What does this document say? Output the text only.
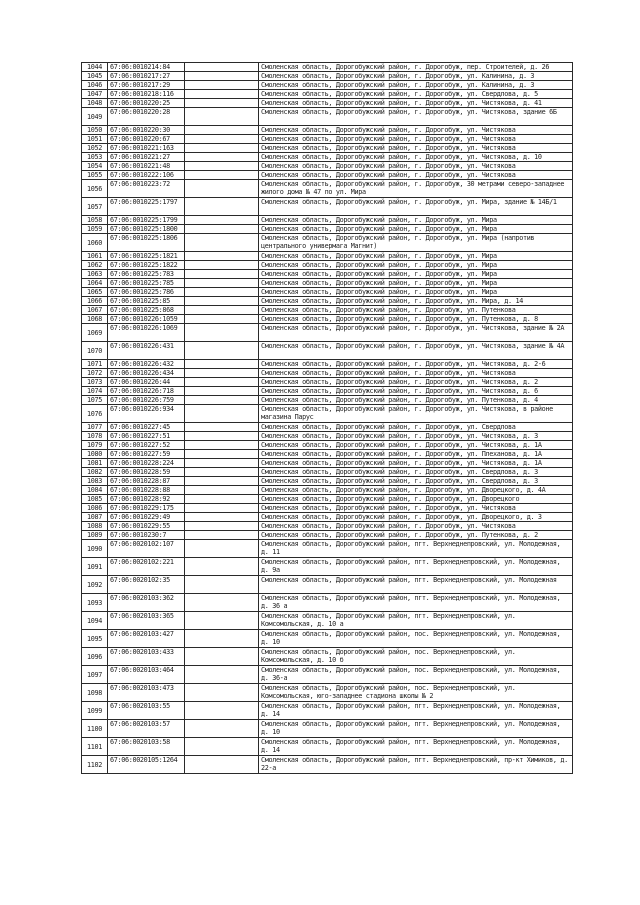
1044	67:06:0010214:84		Смоленская область, Дорогобужский район, г. Дорогобуж, пер. Строителей, д. 26
1045	67:06:0010217:27		Смоленская область, Дорогобужский район, г. Дорогобуж, ул. Калинина, д. 3
1046	67:06:0010217:29		Смоленская область, Дорогобужский район, г. Дорогобуж, ул. Калинина, д. 3
1047	67:06:0010218:116		Смоленская область, Дорогобужский район, г. Дорогобуж, ул. Свердлова, д. 5
1048	67:06:0010220:25		Смоленская область, Дорогобужский район, г. Дорогобуж, ул. Чистякова, д. 41
1049	67:06:0010220:28		Смоленская область, Дорогобужский район, г. Дорогобуж, ул. Чистякова, здание 6Б
1050	67:06:0010220:30		Смоленская область, Дорогобужский район, г. Дорогобуж, ул. Чистякова
1051	67:06:0010220:67		Смоленская область, Дорогобужский район, г. Дорогобуж, ул. Чистякова
1052	67:06:0010221:163		Смоленская область, Дорогобужский район, г. Дорогобуж, ул. Чистякова
1053	67:06:0010221:27		Смоленская область, Дорогобужский район, г. Дорогобуж, ул. Чистякова, д. 10
1054	67:06:0010221:48		Смоленская область, Дорогобужский район, г. Дорогобуж, ул. Чистякова
1055	67:06:0010222:106		Смоленская область, Дорогобужский район, г. Дорогобуж, ул. Чистякова
1056	67:06:0010223:72		Смоленская область, Дорогобужский район, г. Дорогобуж, 30 метрами северо-западнее жилого дома № 47 по ул. Мира
1057	67:06:0010225:1797		Смоленская область, Дорогобужский район, г. Дорогобуж, ул. Мира, здание № 14Б/1
1058	67:06:0010225:1799		Смоленская область, Дорогобужский район, г. Дорогобуж, ул. Мира
1059	67:06:0010225:1800		Смоленская область, Дорогобужский район, г. Дорогобуж, ул. Мира
1060	67:06:0010225:1806		Смоленская область, Дорогобужский район, г. Дорогобуж, ул. Мира (напротив центрального универмага Магнит)
1061	67:06:0010225:1821		Смоленская область, Дорогобужский район, г. Дорогобуж, ул. Мира
1062	67:06:0010225:1822		Смоленская область, Дорогобужский район, г. Дорогобуж, ул. Мира
1063	67:06:0010225:783		Смоленская область, Дорогобужский район, г. Дорогобуж, ул. Мира
1064	67:06:0010225:785		Смоленская область, Дорогобужский район, г. Дорогобуж, ул. Мира
1065	67:06:0010225:786		Смоленская область, Дорогобужский район, г. Дорогобуж, ул. Мира
1066	67:06:0010225:85		Смоленская область, Дорогобужский район, г. Дорогобуж, ул. Мира, д. 14
1067	67:06:0010225:868		Смоленская область, Дорогобужский район, г. Дорогобуж, ул. Путенкова
1068	67:06:0010226:1059		Смоленская область, Дорогобужский район, г. Дорогобуж, ул. Путенкова, д. 8
1069	67:06:0010226:1069		Смоленская область, Дорогобужский район, г. Дорогобуж, ул. Чистякова, здание № 2А
1070	67:06:0010226:431		Смоленская область, Дорогобужский район, г. Дорогобуж, ул. Чистякова, здание № 4А
1071	67:06:0010226:432		Смоленская область, Дорогобужский район, г. Дорогобуж, ул. Чистякова, д. 2-6
1072	67:06:0010226:434		Смоленская область, Дорогобужский район, г. Дорогобуж, ул. Чистякова
1073	67:06:0010226:44		Смоленская область, Дорогобужский район, г. Дорогобуж, ул. Чистякова, д. 2
1074	67:06:0010226:718		Смоленская область, Дорогобужский район, г. Дорогобуж, ул. Чистякова, д. 6
1075	67:06:0010226:759		Смоленская область, Дорогобужский район, г. Дорогобуж, ул. Путенкова, д. 4
1076	67:06:0010226:934		Смоленская область, Дорогобужский район, г. Дорогобуж, ул. Чистякова, в районе магазина Парус
1077	67:06:0010227:45		Смоленская область, Дорогобужский район, г. Дорогобуж, ул. Свердлова
1078	67:06:0010227:51		Смоленская область, Дорогобужский район, г. Дорогобуж, ул. Чистякова, д. 3
1079	67:06:0010227:52		Смоленская область, Дорогобужский район, г. Дорогобуж, ул. Чистякова, д. 1А
1080	67:06:0010227:59		Смоленская область, Дорогобужский район, г. Дорогобуж, ул. Плеханова, д. 1А
1081	67:06:0010228:224		Смоленская область, Дорогобужский район, г. Дорогобуж, ул. Чистякова, д. 1А
1082	67:06:0010228:59		Смоленская область, Дорогобужский район, г. Дорогобуж, ул. Свердлова, д. 3
1083	67:06:0010228:87		Смоленская область, Дорогобужский район, г. Дорогобуж, ул. Свердлова, д. 3
1084	67:06:0010228:88		Смоленская область, Дорогобужский район, г. Дорогобуж, ул. Дворецкого, д. 4А
1085	67:06:0010228:92		Смоленская область, Дорогобужский район, г. Дорогобуж, ул. Дворецкого
1086	67:06:0010229:175		Смоленская область, Дорогобужский район, г. Дорогобуж, ул. Чистякова
1087	67:06:0010229:49		Смоленская область, Дорогобужский район, г. Дорогобуж, ул. Дворецкого, д. 3
1088	67:06:0010229:55		Смоленская область, Дорогобужский район, г. Дорогобуж, ул. Чистякова
1089	67:06:0010230:7		Смоленская область, Дорогобужский район, г. Дорогобуж, ул. Путенкова, д. 2
1090	67:06:0020102:107		Смоленская область, Дорогобужский район, пгт. Верхнеднепровский, ул. Молодежная, д. 11
1091	67:06:0020102:221		Смоленская область, Дорогобужский район, пгт. Верхнеднепровский, ул. Молодежная, д. 9а
1092	67:06:0020102:35		Смоленская область, Дорогобужский район, пгт. Верхнеднепровский, ул. Молодежная
1093	67:06:0020103:362		Смоленская область, Дорогобужский район, пгт. Верхнеднепровский, ул. Молодежная, д. 36 а
1094	67:06:0020103:365		Смоленская область, Дорогобужский район, пгт. Верхнеднепровский, ул. Комсомольская, д. 10 а
1095	67:06:0020103:427		Смоленская область, Дорогобужский район, пос. Верхнеднепровский, ул. Молодежная, д. 10
1096	67:06:0020103:433		Смоленская область, Дорогобужский район, пос. Верхнеднепровский, ул. Комсомольская, д. 10 б
1097	67:06:0020103:464		Смоленская область, Дорогобужский район, пос. Верхнеднепровский, ул. Молодежная, д. 36-а
1098	67:06:0020103:473		Смоленская область, Дорогобужский район, пос. Верхнеднепровский, ул. Комсомольская, юго-западнее стадиона школы № 2
1099	67:06:0020103:55		Смоленская область, Дорогобужский район, пгт. Верхнеднепровский, ул. Молодежная, д. 14
1100	67:06:0020103:57		Смоленская область, Дорогобужский район, пгт. Верхнеднепровский, ул. Молодежная, д. 10
1101	67:06:0020103:58		Смоленская область, Дорогобужский район, пгт. Верхнеднепровский, ул. Молодежная, д. 14
1102	67:06:0020105:1264		Смоленская область, Дорогобужский район, пгт. Верхнеднепровский, пр-кт Химиков, д. 22-а
